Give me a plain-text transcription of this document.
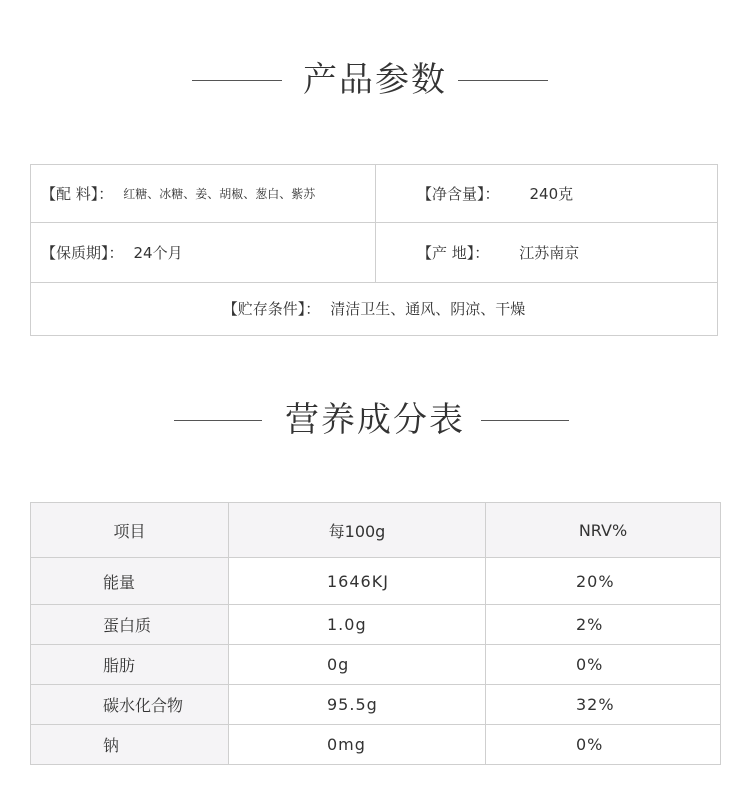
产品参数
【配 料】： 红糖、冰糖、姜、胡椒、葱白、紫苏	【净含量】： 240克
【保质期】： 24个月	【产 地】： 江苏南京
【贮存条件】： 清洁卫生、通风、阴凉、干燥
营养成分表
项目	每100g	NRV%
能量	1646KJ	20%
蛋白质	1.0g	2%
脂肪	0g	0%
碳水化合物	95.5g	32%
钠	0mg	0%
